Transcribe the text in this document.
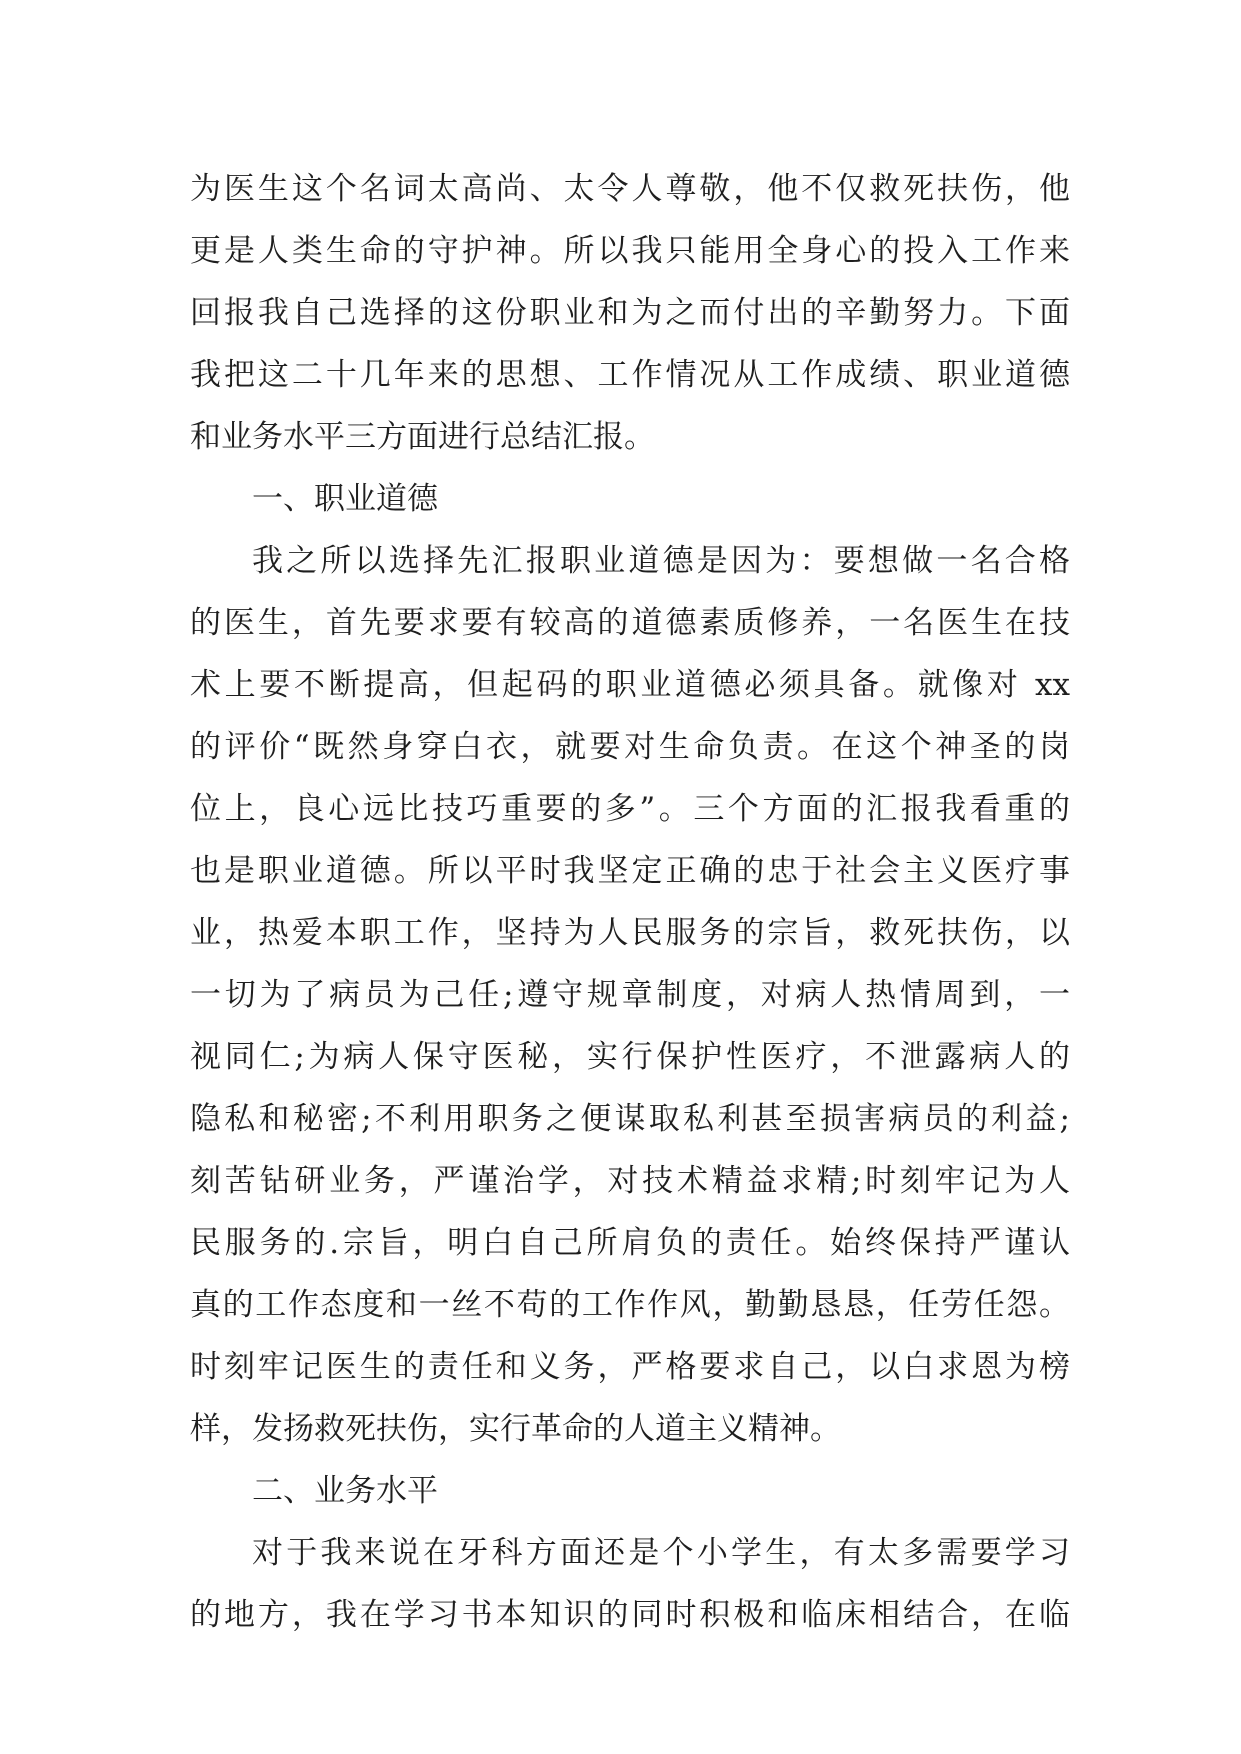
为医生这个名词太高尚、太令人尊敬，他不仅救死扶伤，他
更是人类生命的守护神。所以我只能用全身心的投入工作来
回报我自己选择的这份职业和为之而付出的辛勤努力。下面
我把这二十几年来的思想、工作情况从工作成绩、职业道德
和业务水平三方面进行总结汇报。
一、职业道德
我之所以选择先汇报职业道德是因为：要想做一名合格
的医生，首先要求要有较高的道德素质修养，一名医生在技
术上要不断提高，但起码的职业道德必须具备。就像对 xx
的评价“既然身穿白衣，就要对生命负责。在这个神圣的岗
位上，良心远比技巧重要的多”。三个方面的汇报我看重的
也是职业道德。所以平时我坚定正确的忠于社会主义医疗事
业，热爱本职工作，坚持为人民服务的宗旨，救死扶伤，以
一切为了病员为己任;遵守规章制度，对病人热情周到，一
视同仁;为病人保守医秘，实行保护性医疗，不泄露病人的
隐私和秘密;不利用职务之便谋取私利甚至损害病员的利益;
刻苦钻研业务，严谨治学，对技术精益求精;时刻牢记为人
民服务的.宗旨，明白自己所肩负的责任。始终保持严谨认
真的工作态度和一丝不苟的工作作风，勤勤恳恳，任劳任怨。
时刻牢记医生的责任和义务，严格要求自己，以白求恩为榜
样，发扬救死扶伤，实行革命的人道主义精神。
二、业务水平
对于我来说在牙科方面还是个小学生，有太多需要学习
的地方，我在学习书本知识的同时积极和临床相结合，在临
